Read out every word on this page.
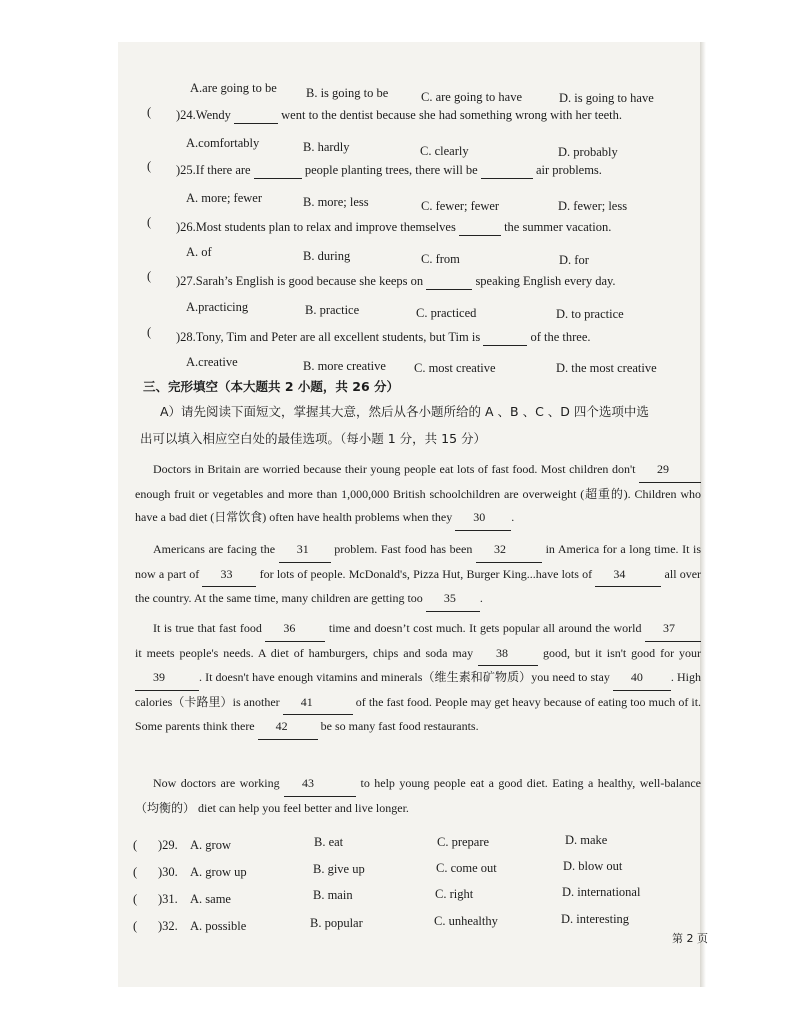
A.are going to be B. is going to be	C. are going to have	D. is going to have
( )24.Wendy	went to the dentist because she had something wrong with her teeth.
A.comfortably	B. hardly	C. clearly	D. probably
( )25.If there are	people planting trees, there will be	air problems.
A. more; fewer	B. more; less	C. fewer; fewer	D. fewer; less
( )26.Most students plan to relax and improve themselves	the summer vacation.
A. of	B. during	C. from	D. for
( )27.Sarah’s English is good because she keeps on	speaking English every day.
A.practicing	B. practice	C. practiced	D. to practice
( )28.Tony, Tim and Peter are all excellent students, but Tim is	of the three.
A.creative	B. more creative C. most creative	D. the most creative
三、完形填空（本大题共 2 小题，共 26 分）
A）请先阅读下面短文，掌握其大意，然后从各小题所给的 A 、B 、C 、D 四个选项中选
出可以填入相应空白处的最佳选项。（每小题 1 分，共 15 分）
Doctors in Britain are worried because their young people eat lots of fast food. Most children don't 29 enough fruit or vegetables and more than 1,000,000 British schoolchildren are overweight (超重的). Children who have a bad diet (日常饮食) often have health problems when they 30 .
Americans are facing the 31 problem. Fast food has been 32	in America for a long time. It is now a part of 33 for lots of people. McDonald's, Pizza Hut, Burger King...have lots of 34	all over the country. At the same time, many children are getting too 35 .
It is true that fast food 36	time and doesn’t cost much. It gets popular all around the world 37 it meets people's needs. A diet of hamburgers, chips and soda may 38	good, but it isn't good for your 39	. It doesn't have enough vitamins and minerals（维生素和矿物质）you need to stay 40 . High calories（卡路里）is another 41	of the fast food. People may get heavy because of eating too much of it. Some parents think there 42	be so many fast food restaurants.
Now doctors are working 43	to help young people eat a good diet. Eating a healthy, well-balance（均衡的） diet can help you feel better and live longer.
( )29. A. grow	B. eat	C. prepare	D. make
( )30. A. grow up	B. give up	C. come out	D. blow out
( )31. A. same	B. main	C. right	D. international
( )32. A. possible	B. popular	C. unhealthy	D. interesting
第 2 页
